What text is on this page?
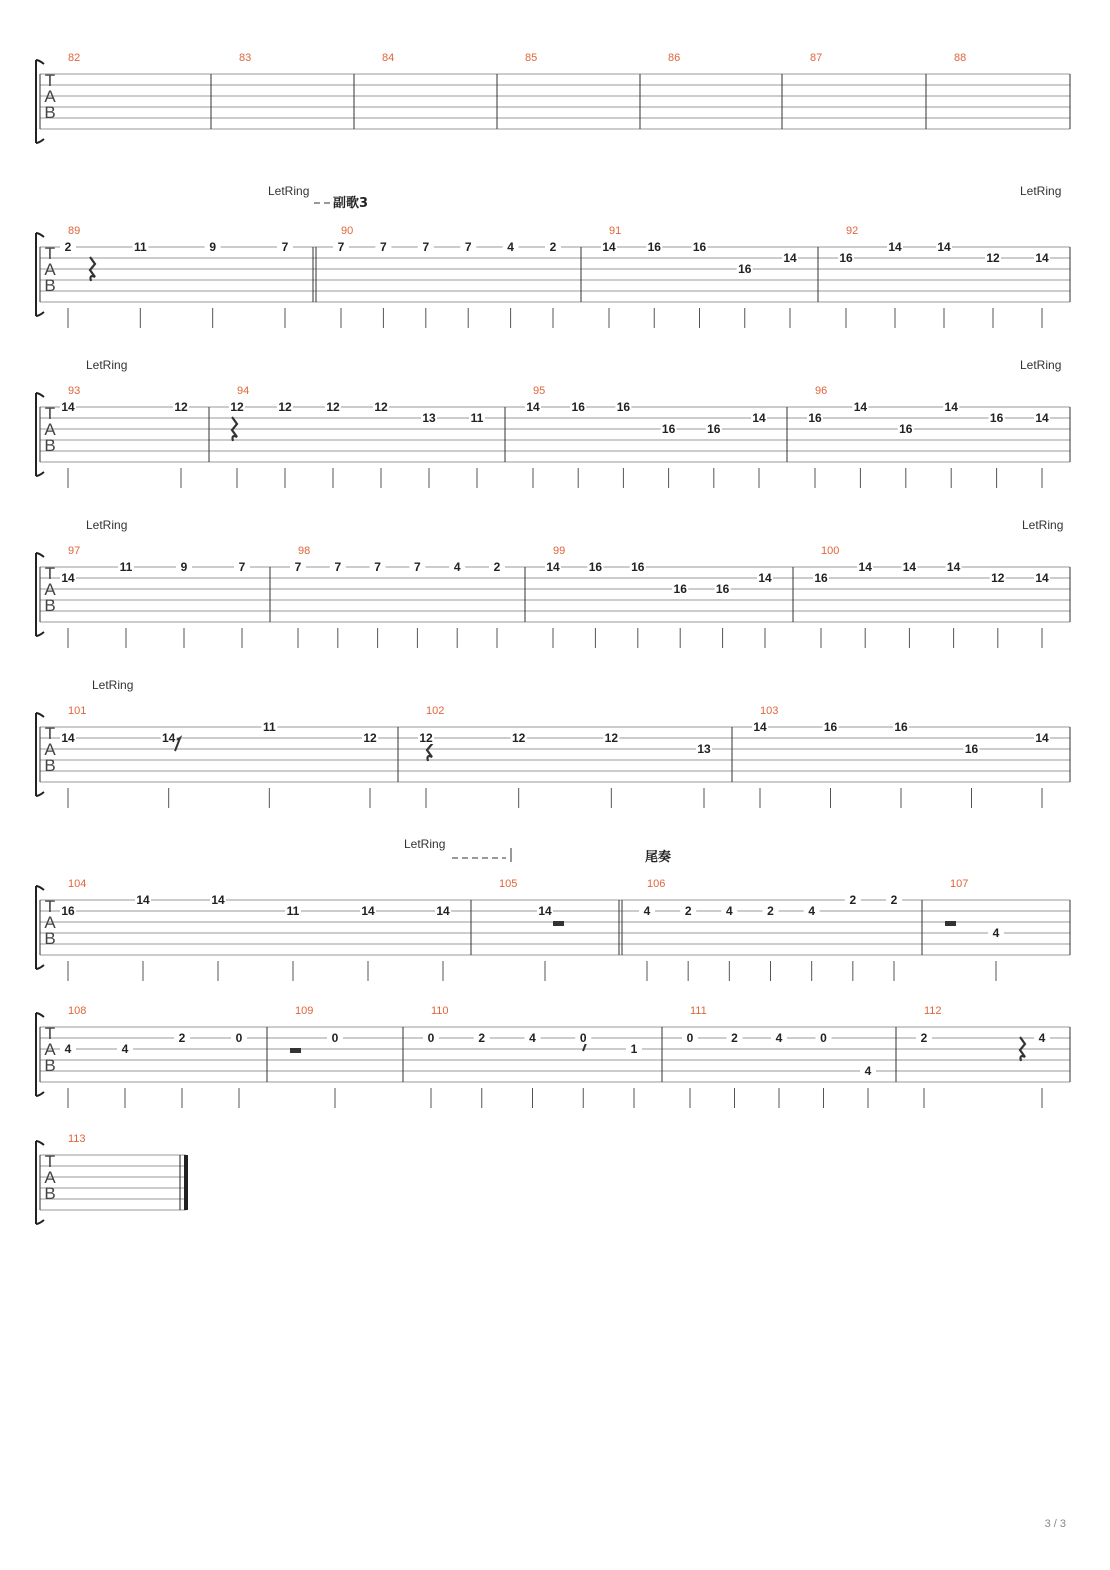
T
A
B
82	83	84	85	86	87	88
T
A
B
LetRing	LetRing
副歌3
89
2	11	9	7
90
7	7	7	7	4	2
91
14	16	16
16
14
92
16
14	14
12	14
T
A
B
LetRing	LetRing
93
14	12
94
12	12	12	12
13	11
95
14	16	16
16	16
14
96
16
14
16
14
16	14
T
A
B
LetRing	LetRing
97
14
11	9	7
98
7	7	7	7	4	2
99
14 16 16
16 16
14
100
16
14	14	14
12	14
T
A
B
LetRing
101
14	14
11
12
102
12	12	12
13
103
14	16	16
16
14
T
A
B
LetRing
尾奏
104
16
14	14
11	14	14
105
14
106
4	2	4	2	4
2	2
107
4
T
A
B
108
4	4
2	0
109
0
110
0	2	4	0
1
111
0	2	4	0
4
112
2	4
T
A
B
113
3 / 3
